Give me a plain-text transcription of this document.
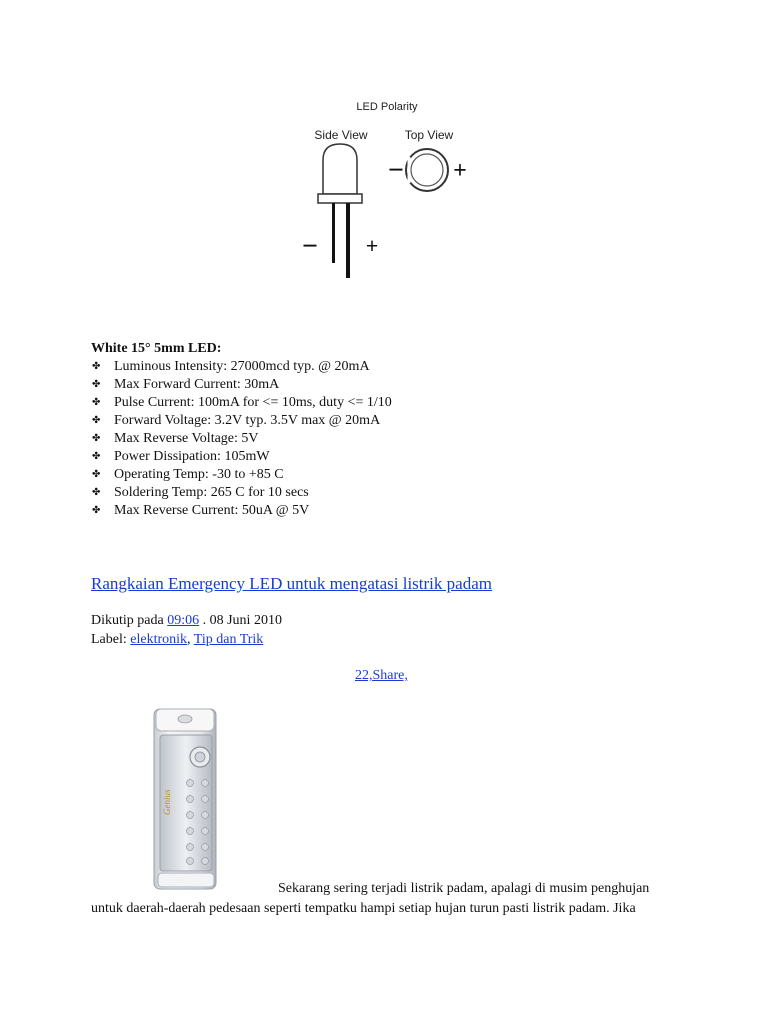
LED Polarity
Side View	Top View
− +
− +
White 15° 5mm LED:
✤ Luminous Intensity: 27000mcd typ. @ 20mA
✤ Max Forward Current: 30mA
✤ Pulse Current: 100mA for <= 10ms, duty <= 1/10
✤ Forward Voltage: 3.2V typ. 3.5V max @ 20mA
✤ Max Reverse Voltage: 5V
✤ Power Dissipation: 105mW
✤ Operating Temp: -30 to +85 C
✤ Soldering Temp: 265 C for 10 secs
✤ Max Reverse Current: 50uA @ 5V
Rangkaian Emergency LED untuk mengatasi listrik padam
Dikutip pada 09:06 . 08 Juni 2010
Label: elektronik, Tip dan Trik
22,Share,
Genius
Sekarang sering terjadi listrik padam, apalagi di musim penghujan
untuk daerah-daerah pedesaan seperti tempatku hampi setiap hujan turun pasti listrik padam. Jika
